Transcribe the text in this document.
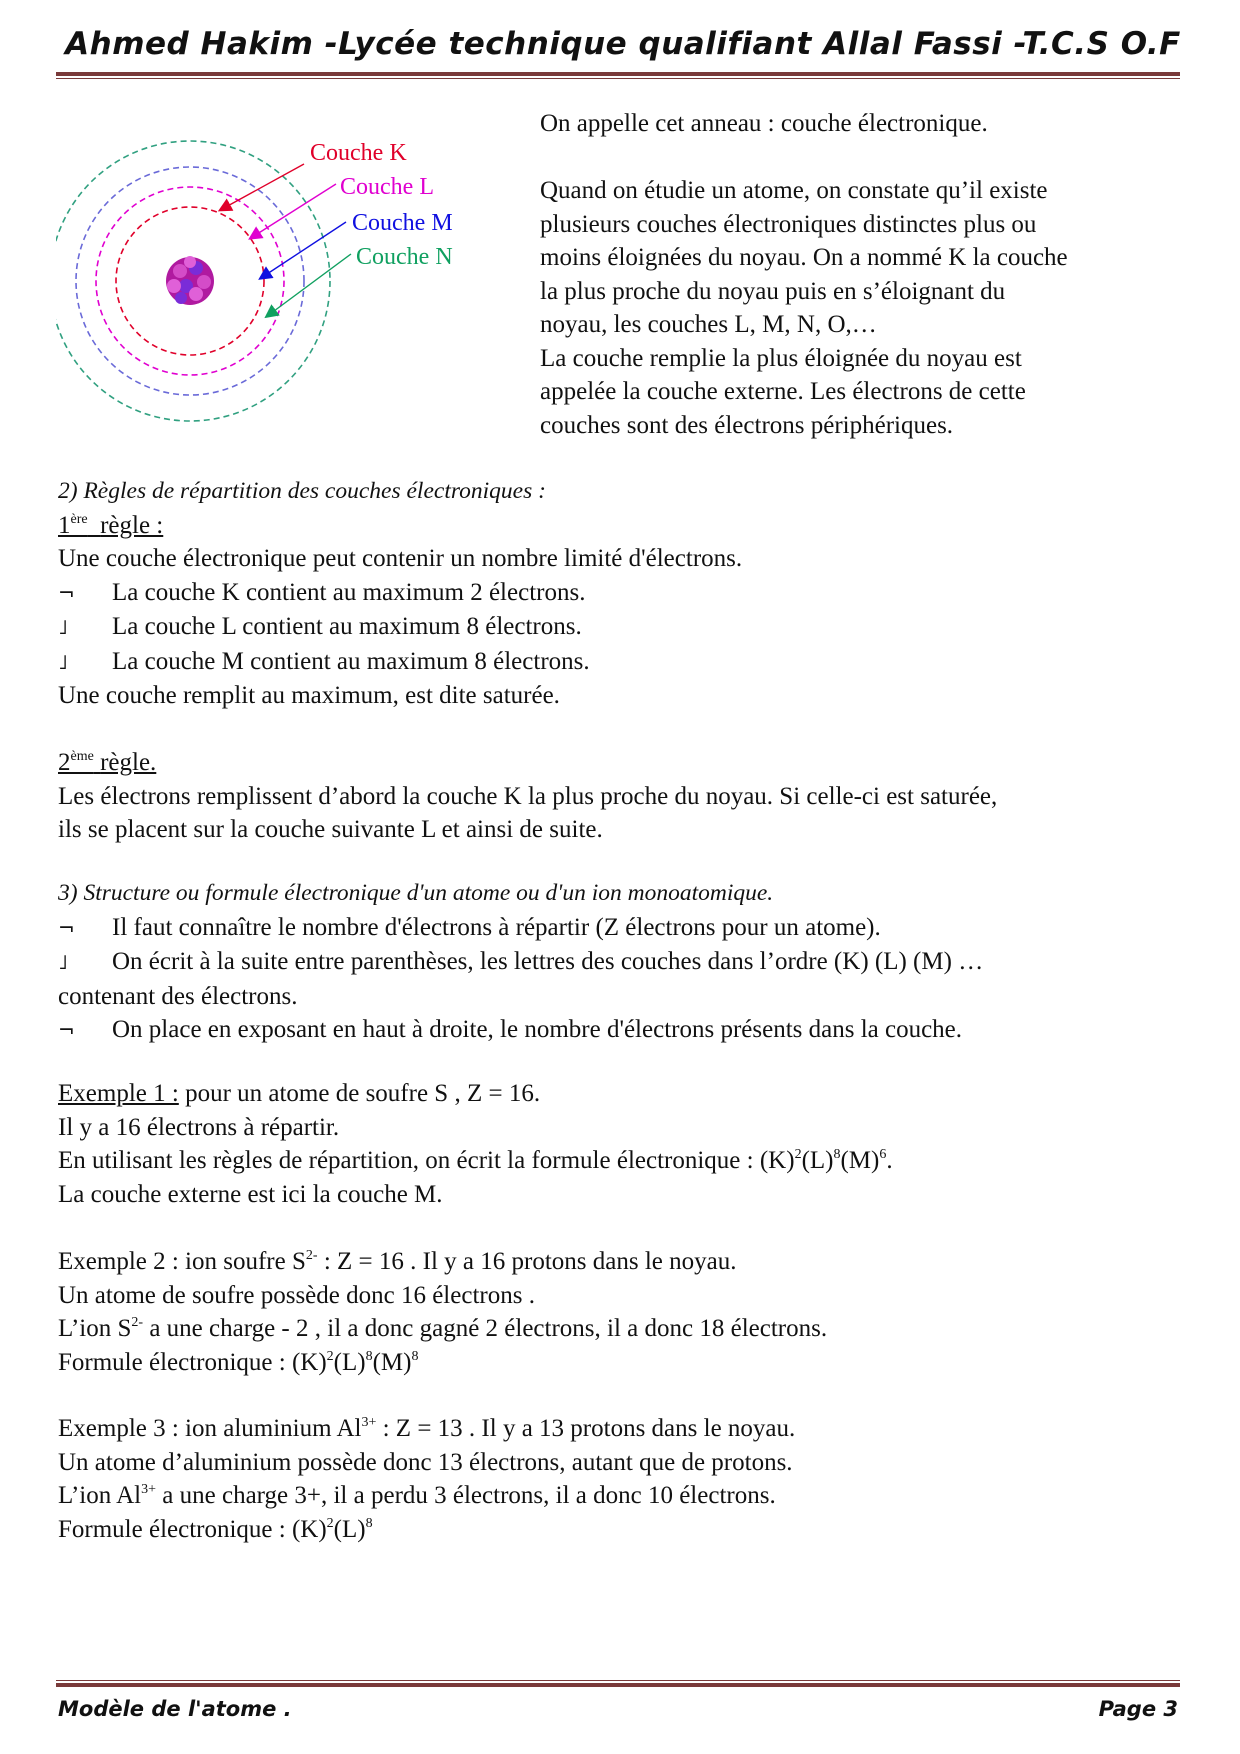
Ahmed Hakim -Lycée technique qualifiant Allal Fassi -T.C.S O.F
Couche K
Couche L
Couche M
Couche N
On appelle cet anneau : couche électronique.
Quand on étudie un atome, on constate qu’il existe
plusieurs couches électroniques distinctes plus ou
moins éloignées du noyau. On a nommé K la couche
la plus proche du noyau puis en s’éloignant du
noyau, les couches L, M, N, O,…
La couche remplie la plus éloignée du noyau est
appelée la couche externe. Les électrons de cette
couches sont des électrons périphériques.
2) Règles de répartition des couches électroniques :
1ère règle :
Une couche électronique peut contenir un nombre limité d'électrons.
¬ La couche K contient au maximum 2 électrons.
˩ La couche L contient au maximum 8 électrons.
˩ La couche M contient au maximum 8 électrons.
Une couche remplit au maximum, est dite saturée.
2ème règle.
Les électrons remplissent d’abord la couche K la plus proche du noyau. Si celle-ci est saturée,
ils se placent sur la couche suivante L et ainsi de suite.
3) Structure ou formule électronique d'un atome ou d'un ion monoatomique.
¬ Il faut connaître le nombre d'électrons à répartir (Z électrons pour un atome).
˩ On écrit à la suite entre parenthèses, les lettres des couches dans l’ordre (K) (L) (M) …
contenant des électrons.
¬ On place en exposant en haut à droite, le nombre d'électrons présents dans la couche.
Exemple 1 : pour un atome de soufre S , Z = 16.
Il y a 16 électrons à répartir.
En utilisant les règles de répartition, on écrit la formule électronique : $(K)^2(L)^8(M)^6$.
La couche externe est ici la couche M.
Exemple 2 : ion soufre $S^{2-}$ : Z = 16 . Il y a 16 protons dans le noyau.
Un atome de soufre possède donc 16 électrons .
L’ion $S^{2-}$ a une charge - 2 , il a donc gagné 2 électrons, il a donc 18 électrons.
Formule électronique : $(K)^2(L)^8(M)^8$
Exemple 3 : ion aluminium $Al^{3+}$ : Z = 13 . Il y a 13 protons dans le noyau.
Un atome d’aluminium possède donc 13 électrons, autant que de protons.
L’ion $Al^{3+}$ a une charge 3+, il a perdu 3 électrons, il a donc 10 électrons.
Formule électronique : $(K)^2(L)^8$
Modèle de l'atome .	Page 3
